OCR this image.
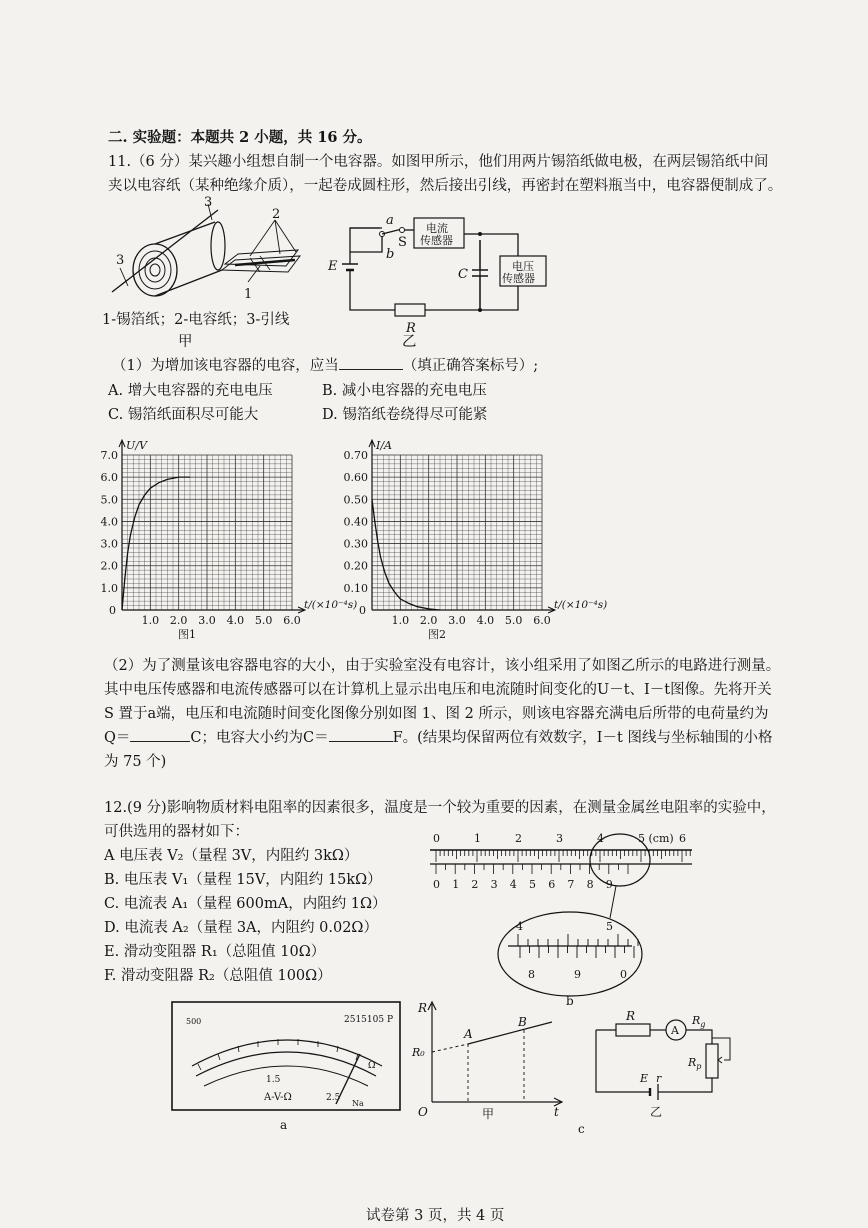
二. 实验题：本题共 2 小题，共 16 分。
11.（6 分）某兴趣小组想自制一个电容器。如图甲所示，他们用两片锡箔纸做电极，在两层锡箔纸中间
夹以电容纸（某种绝缘介质），一起卷成圆柱形，然后接出引线，再密封在塑料瓶当中，电容器便制成了。
3
3
2
1
1-锡箔纸；2-电容纸；3-引线
甲
a
S
b
E
C
R
电流
传感器
电压
传感器
乙
（1）为增加该电容器的电容，应当	（填正确答案标号）;
A. 增大电容器的充电电压	B. 减小电容器的充电电压
C. 锡箔纸面积尽可能大	D. 锡箔纸卷绕得尽可能紧
1.0
2.0
3.0
4.0
5.0
6.0
7.0
0
1.0 2.0 3.0 4.0 5.0 6.0
U/V
t/(×10⁻⁴s)
图1
0.10
0.20
0.30
0.40
0.50
0.60
0.70
0
1.0 2.0 3.0 4.0 5.0 6.0
I/A
t/(×10⁻⁴s)
图2
（2）为了测量该电容器电容的大小，由于实验室没有电容计，该小组采用了如图乙所示的电路进行测量。
其中电压传感器和电流传感器可以在计算机上显示出电压和电流随时间变化的U－t、I－t图像。先将开关
S 置于a端，电压和电流随时间变化图像分别如图 1、图 2 所示，则该电容器充满电后所带的电荷量约为
Q＝	C；电容大小约为C＝	F。(结果均保留两位有效数字，I－t 图线与坐标轴围的小格
为 75 个)
12.(9 分)影响物质材料电阻率的因素很多，温度是一个较为重要的因素，在测量金属丝电阻率的实验中，
可供选用的器材如下：
A 电压表 V₂（量程 3V，内阻约 3kΩ）
B. 电压表 V₁（量程 15V，内阻约 15kΩ）
C. 电流表 A₁（量程 600mA，内阻约 1Ω）
D. 电流表 A₂（量程 3A，内阻约 0.02Ω）
E. 滑动变阻器 R₁（总阻值 10Ω）
F. 滑动变阻器 R₂（总阻值 100Ω）
0	1	2	3	4	5 (cm) 6
0 1 2 3 4 5 6 7 8 9
4	5
8	9	0
b
500	2515105 P
1.5
A-V-Ω
Ω
2.5
Na
a
R
R₀
A
B
O	t
甲
R
A
$R_g$
$R_p$
E r
乙
c
试卷第 3 页，共 4 页
